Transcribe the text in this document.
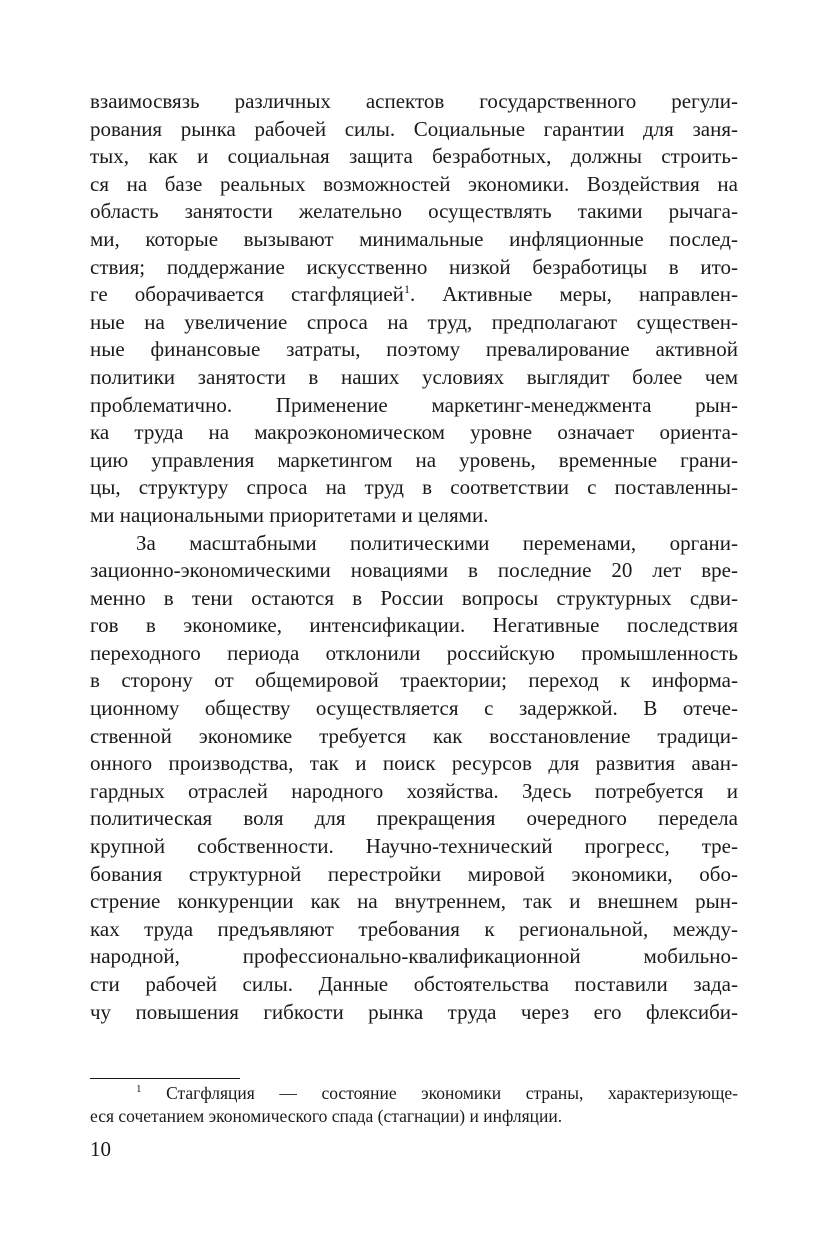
взаимосвязь различных аспектов государственного регули-
рования рынка рабочей силы. Социальные гарантии для заня-
тых, как и социальная защита безработных, должны строить-
ся на базе реальных возможностей экономики. Воздействия на
область занятости желательно осуществлять такими рычага-
ми, которые вызывают минимальные инфляционные послед-
ствия; поддержание искусственно низкой безработицы в ито-
ге оборачивается стагфляцией$^1$. Активные меры, направлен-
ные на увеличение спроса на труд, предполагают существен-
ные финансовые затраты, поэтому превалирование активной
политики занятости в наших условиях выглядит более чем
проблематично. Применение маркетинг-менеджмента рын-
ка труда на макроэкономическом уровне означает ориента-
цию управления маркетингом на уровень, временные грани-
цы, структуру спроса на труд в соответствии с поставленны-
ми национальными приоритетами и целями.
За масштабными политическими переменами, органи-
зационно-экономическими новациями в последние 20 лет вре-
менно в тени остаются в России вопросы структурных сдви-
гов в экономике, интенсификации. Негативные последствия
переходного периода отклонили российскую промышленность
в сторону от общемировой траектории; переход к информа-
ционному обществу осуществляется с задержкой. В отече-
ственной экономике требуется как восстановление традици-
онного производства, так и поиск ресурсов для развития аван-
гардных отраслей народного хозяйства. Здесь потребуется и
политическая воля для прекращения очередного передела
крупной собственности. Научно-технический прогресс, тре-
бования структурной перестройки мировой экономики, обо-
стрение конкуренции как на внутреннем, так и внешнем рын-
ках труда предъявляют требования к региональной, между-
народной, профессионально-квалификационной мобильно-
сти рабочей силы. Данные обстоятельства поставили зада-
чу повышения гибкости рынка труда через его флексиби-
$^1$ Стагфляция — состояние экономики страны, характеризующе-
еся сочетанием экономического спада (стагнации) и инфляции.
10
